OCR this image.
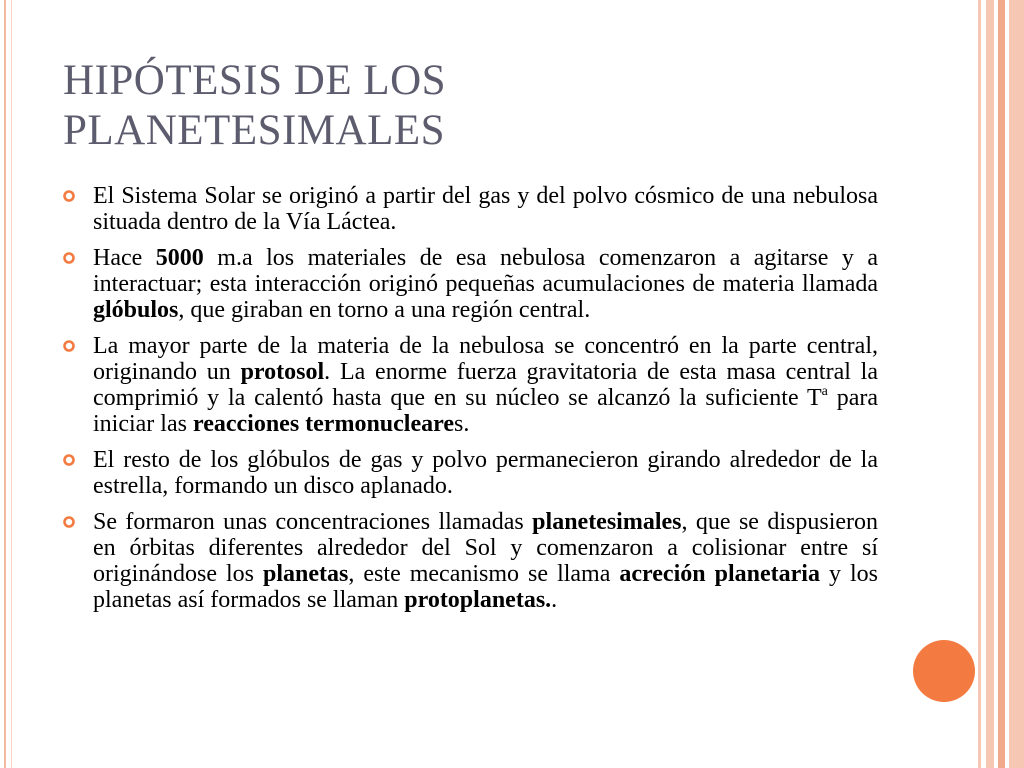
HIPÓTESIS DE LOS
PLANETESIMALES
El Sistema Solar se originó a partir del gas y del polvo cósmico de una nebulosa situada dentro de la Vía Láctea.
Hace 5000 m.a los materiales de esa nebulosa comenzaron a agitarse y a interactuar; esta interacción originó pequeñas acumulaciones de materia llamada glóbulos, que giraban en torno a una región central.
La mayor parte de la materia de la nebulosa se concentró en la parte central, originando un protosol. La enorme fuerza gravitatoria de esta masa central la comprimió y la calentó hasta que en su núcleo se alcanzó la suficiente $T^a$ para iniciar las reacciones termonucleares.
El resto de los glóbulos de gas y polvo permanecieron girando alrededor de la estrella, formando un disco aplanado.
Se formaron unas concentraciones llamadas planetesimales, que se dispusieron en órbitas diferentes alrededor del Sol y comenzaron a colisionar entre sí originándose los planetas, este mecanismo se llama acreción planetaria y los planetas así formados se llaman protoplanetas..
